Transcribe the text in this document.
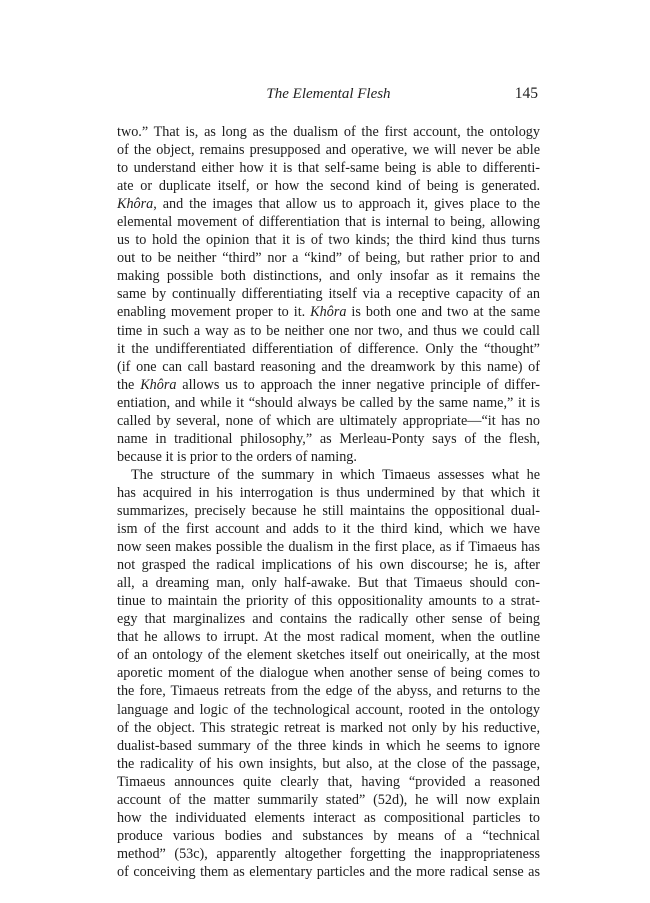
The Elemental Flesh	145

two.” That is, as long as the dualism of the first account, the ontology
of the object, remains presupposed and operative, we will never be able
to understand either how it is that self-same being is able to differenti-
ate or duplicate itself, or how the second kind of being is generated.
Khôra, and the images that allow us to approach it, gives place to the
elemental movement of differentiation that is internal to being, allowing
us to hold the opinion that it is of two kinds; the third kind thus turns
out to be neither “third” nor a “kind” of being, but rather prior to and
making possible both distinctions, and only insofar as it remains the
same by continually differentiating itself via a receptive capacity of an
enabling movement proper to it. Khôra is both one and two at the same
time in such a way as to be neither one nor two, and thus we could call
it the undifferentiated differentiation of difference. Only the “thought”
(if one can call bastard reasoning and the dreamwork by this name) of
the Khôra allows us to approach the inner negative principle of differ-
entiation, and while it “should always be called by the same name,” it is
called by several, none of which are ultimately appropriate—“it has no
name in traditional philosophy,” as Merleau-Ponty says of the flesh,
because it is prior to the orders of naming.

The structure of the summary in which Timaeus assesses what he
has acquired in his interrogation is thus undermined by that which it
summarizes, precisely because he still maintains the oppositional dual-
ism of the first account and adds to it the third kind, which we have
now seen makes possible the dualism in the first place, as if Timaeus has
not grasped the radical implications of his own discourse; he is, after
all, a dreaming man, only half-awake. But that Timaeus should con-
tinue to maintain the priority of this oppositionality amounts to a strat-
egy that marginalizes and contains the radically other sense of being
that he allows to irrupt. At the most radical moment, when the outline
of an ontology of the element sketches itself out oneirically, at the most
aporetic moment of the dialogue when another sense of being comes to
the fore, Timaeus retreats from the edge of the abyss, and returns to the
language and logic of the technological account, rooted in the ontology
of the object. This strategic retreat is marked not only by his reductive,
dualist-based summary of the three kinds in which he seems to ignore
the radicality of his own insights, but also, at the close of the passage,
Timaeus announces quite clearly that, having “provided a reasoned
account of the matter summarily stated” (52d), he will now explain
how the individuated elements interact as compositional particles to
produce various bodies and substances by means of a “technical
method” (53c), apparently altogether forgetting the inappropriateness
of conceiving them as elementary particles and the more radical sense as
